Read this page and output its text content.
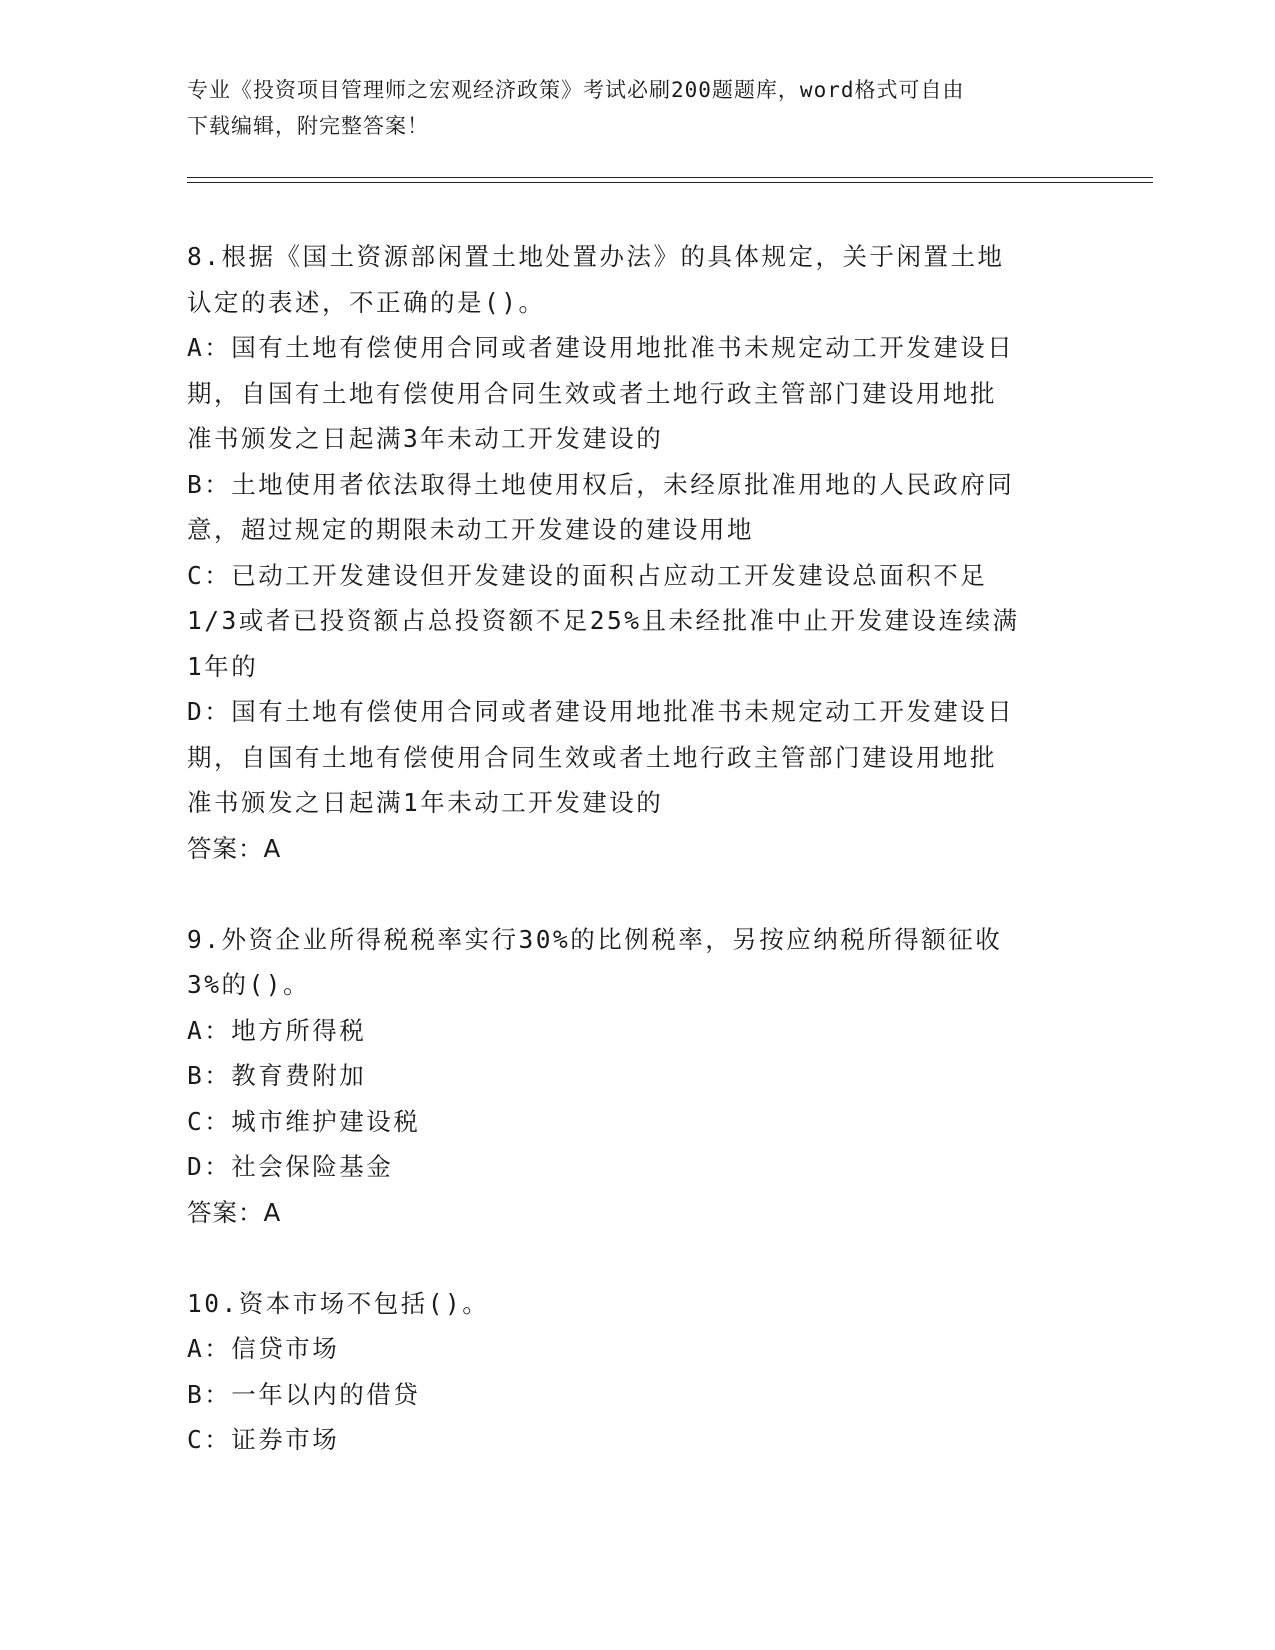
专业《投资项目管理师之宏观经济政策》考试必刷200题题库，word格式可自由
下载编辑，附完整答案！
8.根据《国土资源部闲置土地处置办法》的具体规定，关于闲置土地
认定的表述，不正确的是()。
A：国有土地有偿使用合同或者建设用地批准书未规定动工开发建设日
期，自国有土地有偿使用合同生效或者土地行政主管部门建设用地批
准书颁发之日起满3年未动工开发建设的
B：土地使用者依法取得土地使用权后，未经原批准用地的人民政府同
意，超过规定的期限未动工开发建设的建设用地
C：已动工开发建设但开发建设的面积占应动工开发建设总面积不足
1/3或者已投资额占总投资额不足25%且未经批准中止开发建设连续满
1年的
D：国有土地有偿使用合同或者建设用地批准书未规定动工开发建设日
期，自国有土地有偿使用合同生效或者土地行政主管部门建设用地批
准书颁发之日起满1年未动工开发建设的
答案：A
9.外资企业所得税税率实行30%的比例税率，另按应纳税所得额征收
3%的()。
A：地方所得税
B：教育费附加
C：城市维护建设税
D：社会保险基金
答案：A
10.资本市场不包括()。
A：信贷市场
B：一年以内的借贷
C：证券市场
